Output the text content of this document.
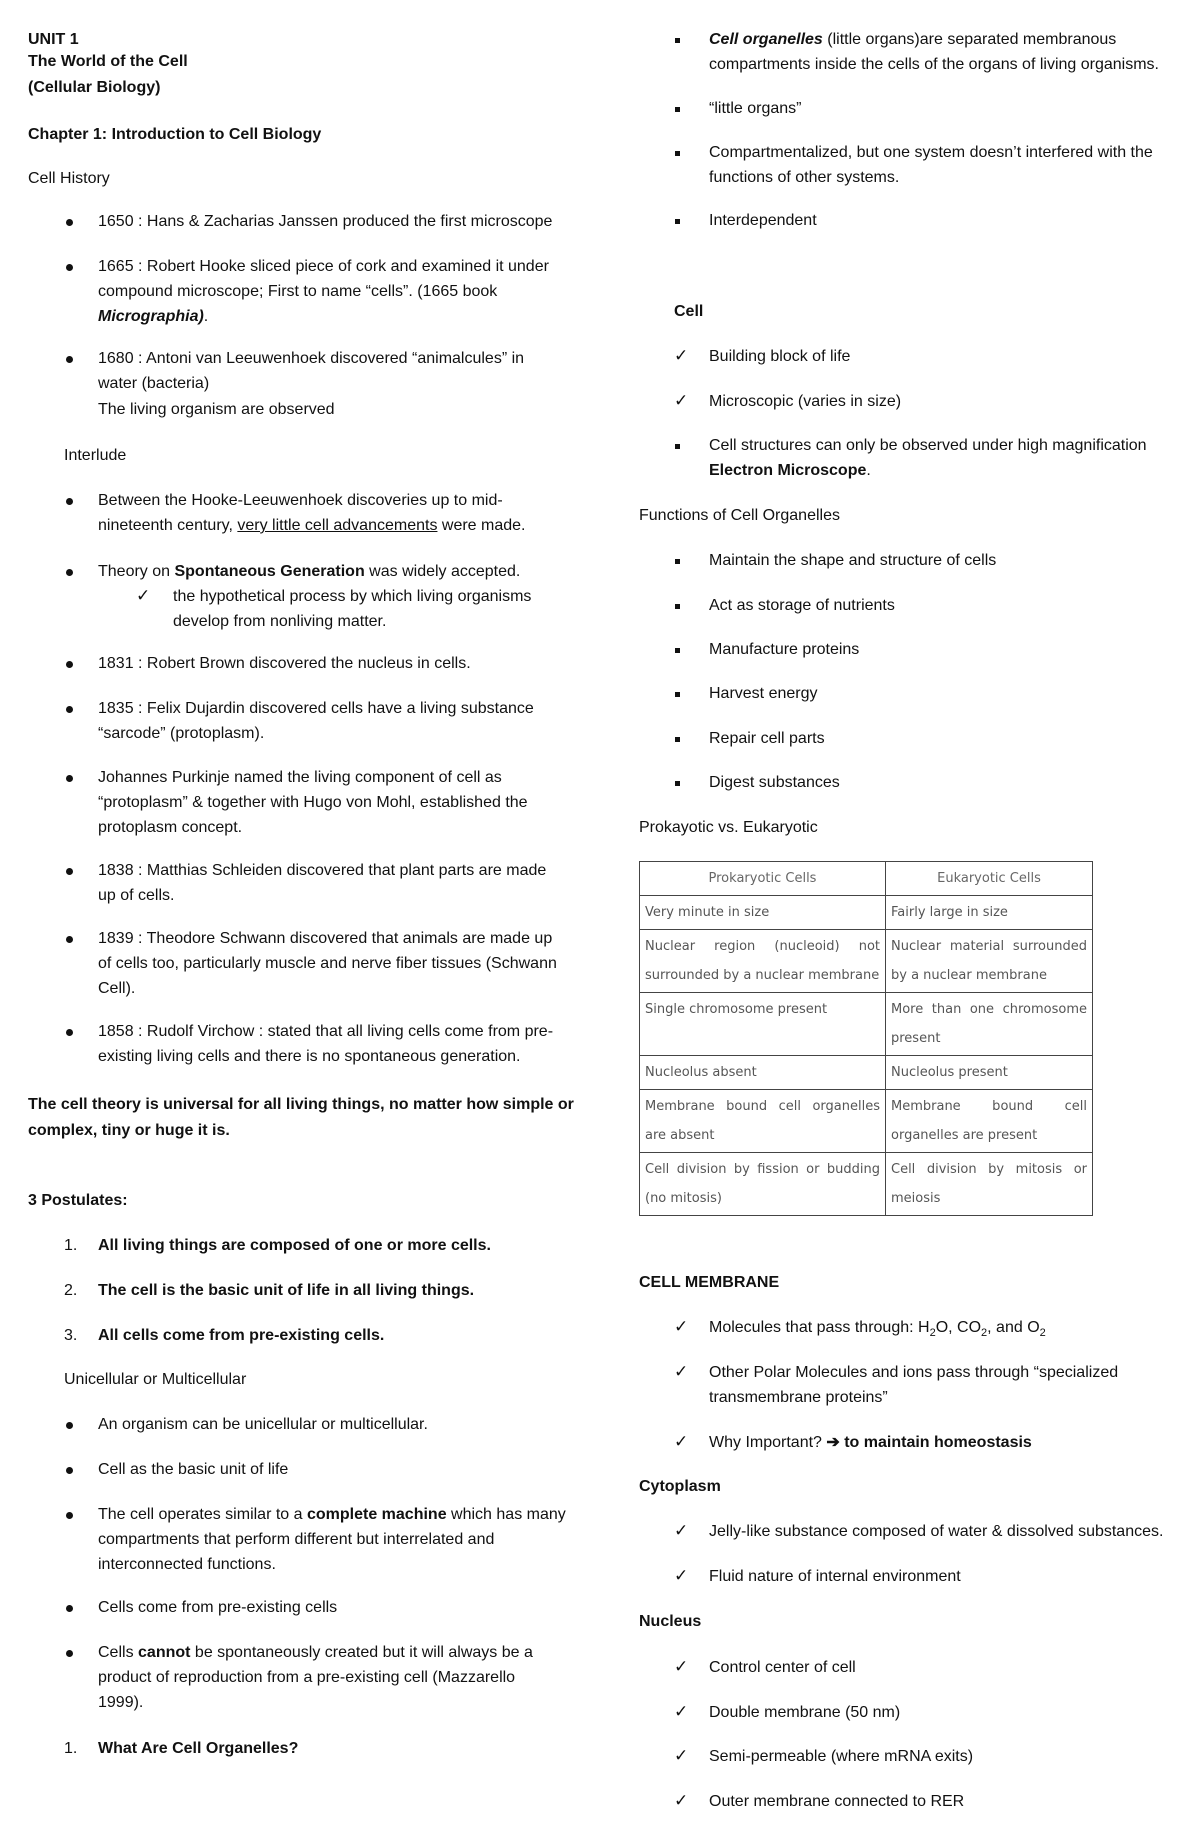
UNIT 1
The World of the Cell
(Cellular Biology)
Chapter 1: Introduction to Cell Biology
Cell History
1650 : Hans & Zacharias Janssen produced the first microscope
1665 : Robert Hooke sliced piece of cork and examined it under
compound microscope; First to name “cells”. (1665 book
Micrographia).
1680 : Antoni van Leeuwenhoek discovered “animalcules” in
water (bacteria)
The living organism are observed
Interlude
Between the Hooke-Leeuwenhoek discoveries up to mid-
nineteenth century, very little cell advancements were made.
Theory on Spontaneous Generation was widely accepted.
✓ the hypothetical process by which living organisms
develop from nonliving matter.
1831 : Robert Brown discovered the nucleus in cells.
1835 : Felix Dujardin discovered cells have a living substance
“sarcode” (protoplasm).
Johannes Purkinje named the living component of cell as
“protoplasm” & together with Hugo von Mohl, established the
protoplasm concept.
1838 : Matthias Schleiden discovered that plant parts are made
up of cells.
1839 : Theodore Schwann discovered that animals are made up
of cells too, particularly muscle and nerve fiber tissues (Schwann
Cell).
1858 : Rudolf Virchow : stated that all living cells come from pre-
existing living cells and there is no spontaneous generation.
The cell theory is universal for all living things, no matter how simple or
complex, tiny or huge it is.
3 Postulates:
1. All living things are composed of one or more cells.
2. The cell is the basic unit of life in all living things.
3. All cells come from pre-existing cells.
Unicellular or Multicellular
An organism can be unicellular or multicellular.
Cell as the basic unit of life
The cell operates similar to a complete machine which has many
compartments that perform different but interrelated and
interconnected functions.
Cells come from pre-existing cells
Cells cannot be spontaneously created but it will always be a
product of reproduction from a pre-existing cell (Mazzarello
1999).
1. What Are Cell Organelles?
Cell organelles (little organs)are separated membranous
compartments inside the cells of the organs of living organisms.
“little organs”
Compartmentalized, but one system doesn’t interfered with the
functions of other systems.
Interdependent
Cell
✓ Building block of life
✓ Microscopic (varies in size)
Cell structures can only be observed under high magnification
Electron Microscope.
Functions of Cell Organelles
Maintain the shape and structure of cells
Act as storage of nutrients
Manufacture proteins
Harvest energy
Repair cell parts
Digest substances
Prokayotic vs. Eukaryotic
CELL MEMBRANE
✓ Molecules that pass through: $H_2O$, $CO_2$, and $O_2$
✓ Other Polar Molecules and ions pass through “specialized
transmembrane proteins”
✓ Why Important? ➔ to maintain homeostasis
Cytoplasm
✓ Jelly-like substance composed of water & dissolved substances.
✓ Fluid nature of internal environment
Nucleus
✓ Control center of cell
✓ Double membrane (50 nm)
✓ Semi-permeable (where mRNA exits)
✓ Outer membrane connected to RER
Prokaryotic Cells	Eukaryotic Cells
Very minute in size	Fairly large in size
Nuclear region (nucleoid) not surrounded by a nuclear membrane	Nuclear material surrounded by a nuclear membrane
Single chromosome present	More than one chromosome present
Nucleolus absent	Nucleolus present
Membrane bound cell organelles are absent	Membrane bound cell organelles are present
Cell division by fission or budding (no mitosis)	Cell division by mitosis or meiosis
